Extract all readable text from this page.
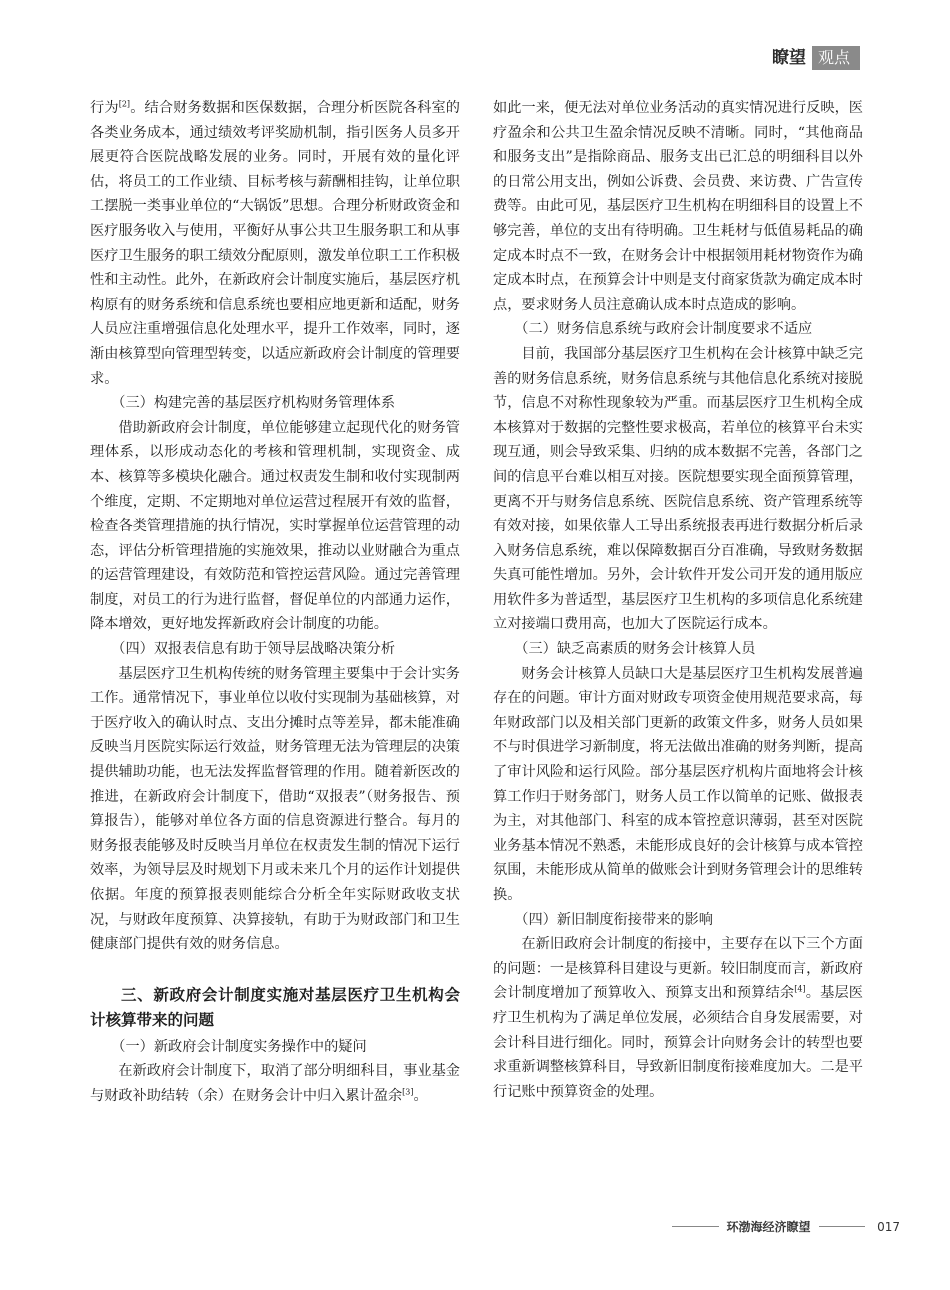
瞭望 观点

行为[2]。结合财务数据和医保数据，合理分析医院各科室的各类业务成本，通过绩效考评奖励机制，指引医务人员多开展更符合医院战略发展的业务。同时，开展有效的量化评估，将员工的工作业绩、目标考核与薪酬相挂钩，让单位职工摆脱一类事业单位的“大锅饭”思想。合理分析财政资金和医疗服务收入与使用，平衡好从事公共卫生服务职工和从事医疗卫生服务的职工绩效分配原则，激发单位职工工作积极性和主动性。此外，在新政府会计制度实施后，基层医疗机构原有的财务系统和信息系统也要相应地更新和适配，财务人员应注重增强信息化处理水平，提升工作效率，同时，逐渐由核算型向管理型转变，以适应新政府会计制度的管理要求。

（三）构建完善的基层医疗机构财务管理体系

借助新政府会计制度，单位能够建立起现代化的财务管理体系，以形成动态化的考核和管理机制，实现资金、成本、核算等多模块化融合。通过权责发生制和收付实现制两个维度，定期、不定期地对单位运营过程展开有效的监督，检查各类管理措施的执行情况，实时掌握单位运营管理的动态，评估分析管理措施的实施效果，推动以业财融合为重点的运营管理建设，有效防范和管控运营风险。通过完善管理制度，对员工的行为进行监督，督促单位的内部通力运作，降本增效，更好地发挥新政府会计制度的功能。

（四）双报表信息有助于领导层战略决策分析

基层医疗卫生机构传统的财务管理主要集中于会计实务工作。通常情况下，事业单位以收付实现制为基础核算，对于医疗收入的确认时点、支出分摊时点等差异，都未能准确反映当月医院实际运行效益，财务管理无法为管理层的决策提供辅助功能，也无法发挥监督管理的作用。随着新医改的推进，在新政府会计制度下，借助“双报表”（财务报告、预算报告），能够对单位各方面的信息资源进行整合。每月的财务报表能够及时反映当月单位在权责发生制的情况下运行效率，为领导层及时规划下月或未来几个月的运作计划提供依据。年度的预算报表则能综合分析全年实际财政收支状况，与财政年度预算、决算接轨，有助于为财政部门和卫生健康部门提供有效的财务信息。

三、新政府会计制度实施对基层医疗卫生机构会计核算带来的问题

（一）新政府会计制度实务操作中的疑问

在新政府会计制度下，取消了部分明细科目，事业基金与财政补助结转（余）在财务会计中归入累计盈余[3]。

如此一来，便无法对单位业务活动的真实情况进行反映，医疗盈余和公共卫生盈余情况反映不清晰。同时，“其他商品和服务支出”是指除商品、服务支出已汇总的明细科目以外的日常公用支出，例如公诉费、会员费、来访费、广告宣传费等。由此可见，基层医疗卫生机构在明细科目的设置上不够完善，单位的支出有待明确。卫生耗材与低值易耗品的确定成本时点不一致，在财务会计中根据领用耗材物资作为确定成本时点，在预算会计中则是支付商家货款为确定成本时点，要求财务人员注意确认成本时点造成的影响。

（二）财务信息系统与政府会计制度要求不适应

目前，我国部分基层医疗卫生机构在会计核算中缺乏完善的财务信息系统，财务信息系统与其他信息化系统对接脱节，信息不对称性现象较为严重。而基层医疗卫生机构全成本核算对于数据的完整性要求极高，若单位的核算平台未实现互通，则会导致采集、归纳的成本数据不完善，各部门之间的信息平台难以相互对接。医院想要实现全面预算管理，更离不开与财务信息系统、医院信息系统、资产管理系统等有效对接，如果依靠人工导出系统报表再进行数据分析后录入财务信息系统，难以保障数据百分百准确，导致财务数据失真可能性增加。另外，会计软件开发公司开发的通用版应用软件多为普适型，基层医疗卫生机构的多项信息化系统建立对接端口费用高，也加大了医院运行成本。

（三）缺乏高素质的财务会计核算人员

财务会计核算人员缺口大是基层医疗卫生机构发展普遍存在的问题。审计方面对财政专项资金使用规范要求高，每年财政部门以及相关部门更新的政策文件多，财务人员如果不与时俱进学习新制度，将无法做出准确的财务判断，提高了审计风险和运行风险。部分基层医疗机构片面地将会计核算工作归于财务部门，财务人员工作以简单的记账、做报表为主，对其他部门、科室的成本管控意识薄弱，甚至对医院业务基本情况不熟悉，未能形成良好的会计核算与成本管控氛围，未能形成从简单的做账会计到财务管理会计的思维转换。

（四）新旧制度衔接带来的影响

在新旧政府会计制度的衔接中，主要存在以下三个方面的问题：一是核算科目建设与更新。较旧制度而言，新政府会计制度增加了预算收入、预算支出和预算结余[4]。基层医疗卫生机构为了满足单位发展，必须结合自身发展需要，对会计科目进行细化。同时，预算会计向财务会计的转型也要求重新调整核算科目，导致新旧制度衔接难度加大。二是平行记账中预算资金的处理。

环渤海经济瞭望	017
